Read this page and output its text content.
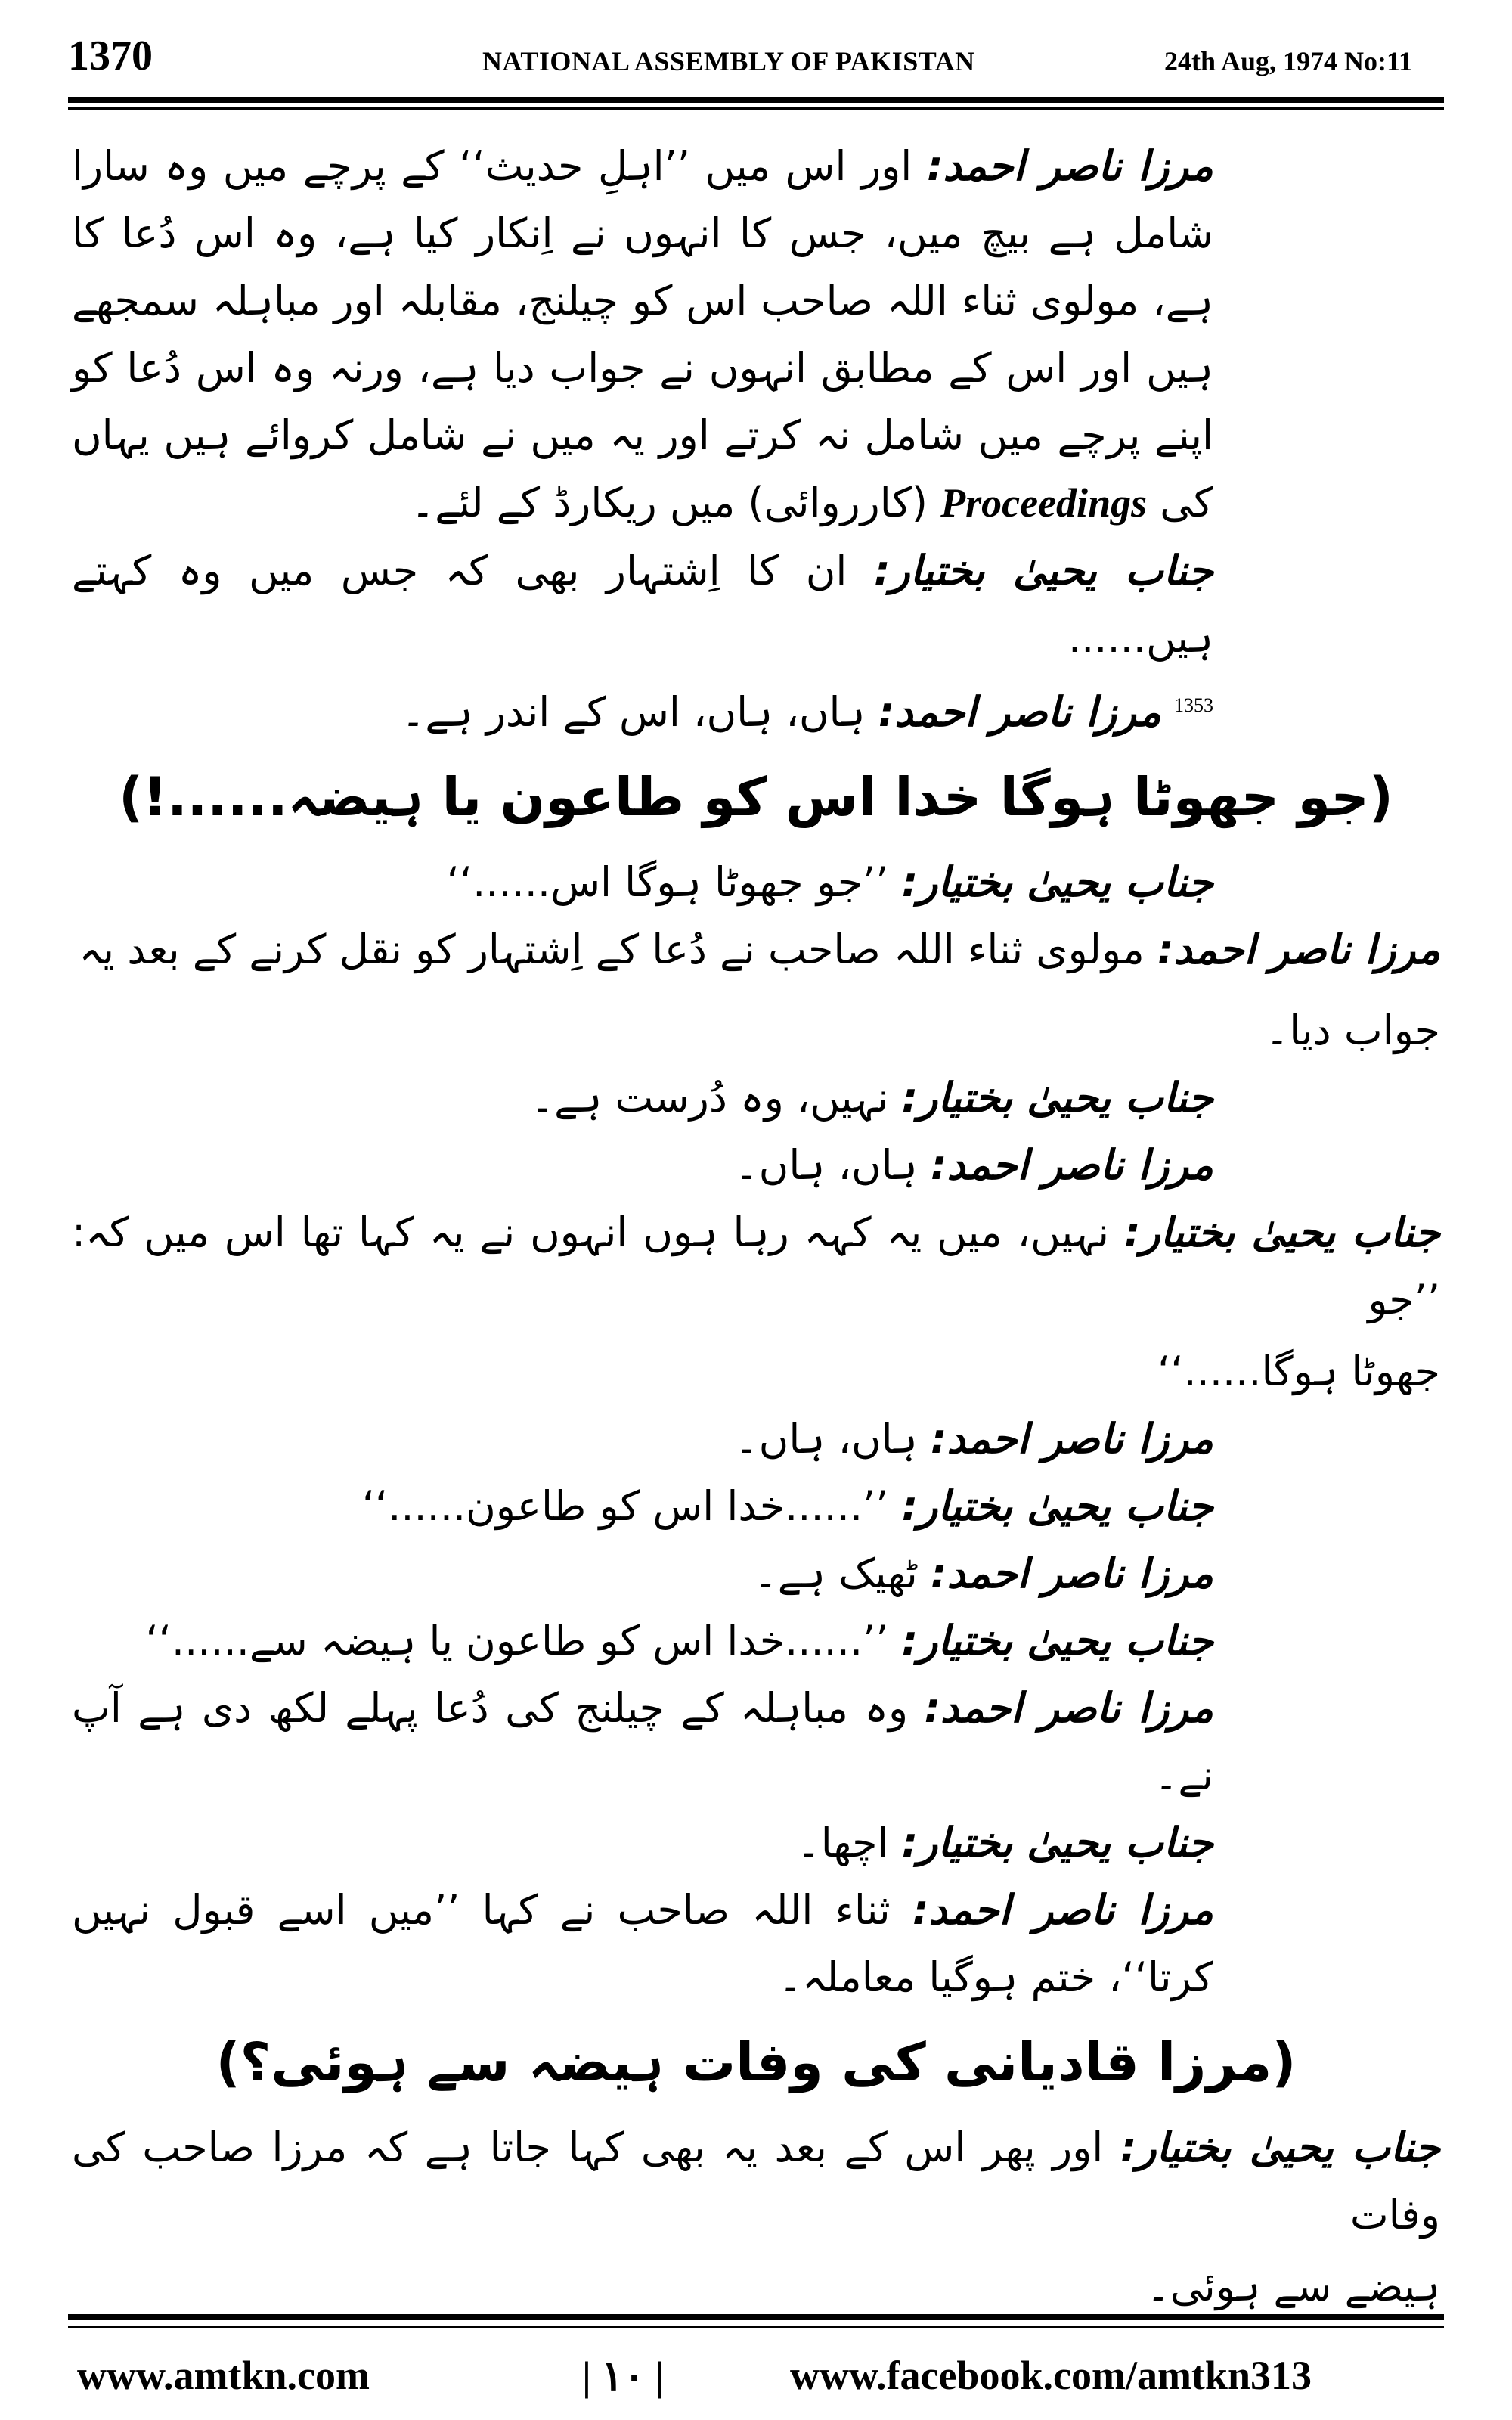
1370	NATIONAL ASSEMBLY OF PAKISTAN	24th Aug, 1974 No:11

مرزا ناصر احمد: اور اس میں ’’اہلِ حدیث‘‘ کے پرچے میں وہ سارا شامل ہے بیچ میں، جس کا انہوں نے اِنکار کیا ہے، وہ اس دُعا کا ہے، مولوی ثناء اللہ صاحب اس کو چیلنج، مقابلہ اور مباہلہ سمجھے ہیں اور اس کے مطابق انہوں نے جواب دیا ہے، ورنہ وہ اس دُعا کو اپنے پرچے میں شامل نہ کرتے اور یہ میں نے شامل کروائے ہیں یہاں کی Proceedings (کارروائی) میں ریکارڈ کے لئے۔

جناب یحییٰ بختیار: ان کا اِشتہار بھی کہ جس میں وہ کہتے ہیں......

$^{1353}$ مرزا ناصر احمد: ہاں، ہاں، اس کے اندر ہے۔

(جو جھوٹا ہوگا خدا اس کو طاعون یا ہیضہ......!)

جناب یحییٰ بختیار: ’’جو جھوٹا ہوگا اس......‘‘

مرزا ناصر احمد: مولوی ثناء اللہ صاحب نے دُعا کے اِشتہار کو نقل کرنے کے بعد یہ

جواب دیا۔

جناب یحییٰ بختیار: نہیں، وہ دُرست ہے۔

مرزا ناصر احمد: ہاں، ہاں۔

جناب یحییٰ بختیار: نہیں، میں یہ کہہ رہا ہوں انہوں نے یہ کہا تھا اس میں کہ: ’’جو

جھوٹا ہوگا......‘‘

مرزا ناصر احمد: ہاں، ہاں۔

جناب یحییٰ بختیار: ’’......خدا اس کو طاعون......‘‘

مرزا ناصر احمد: ٹھیک ہے۔

جناب یحییٰ بختیار: ’’......خدا اس کو طاعون یا ہیضہ سے......‘‘

مرزا ناصر احمد: وہ مباہلہ کے چیلنج کی دُعا پہلے لکھ دی ہے آپ نے۔

جناب یحییٰ بختیار: اچھا۔

مرزا ناصر احمد: ثناء اللہ صاحب نے کہا ’’میں اسے قبول نہیں کرتا‘‘، ختم ہوگیا معاملہ۔

(مرزا قادیانی کی وفات ہیضہ سے ہوئی؟)

جناب یحییٰ بختیار: اور پھر اس کے بعد یہ بھی کہا جاتا ہے کہ مرزا صاحب کی وفات

ہیضے سے ہوئی۔

www.amtkn.com	| ١٠ |	www.facebook.com/amtkn313
